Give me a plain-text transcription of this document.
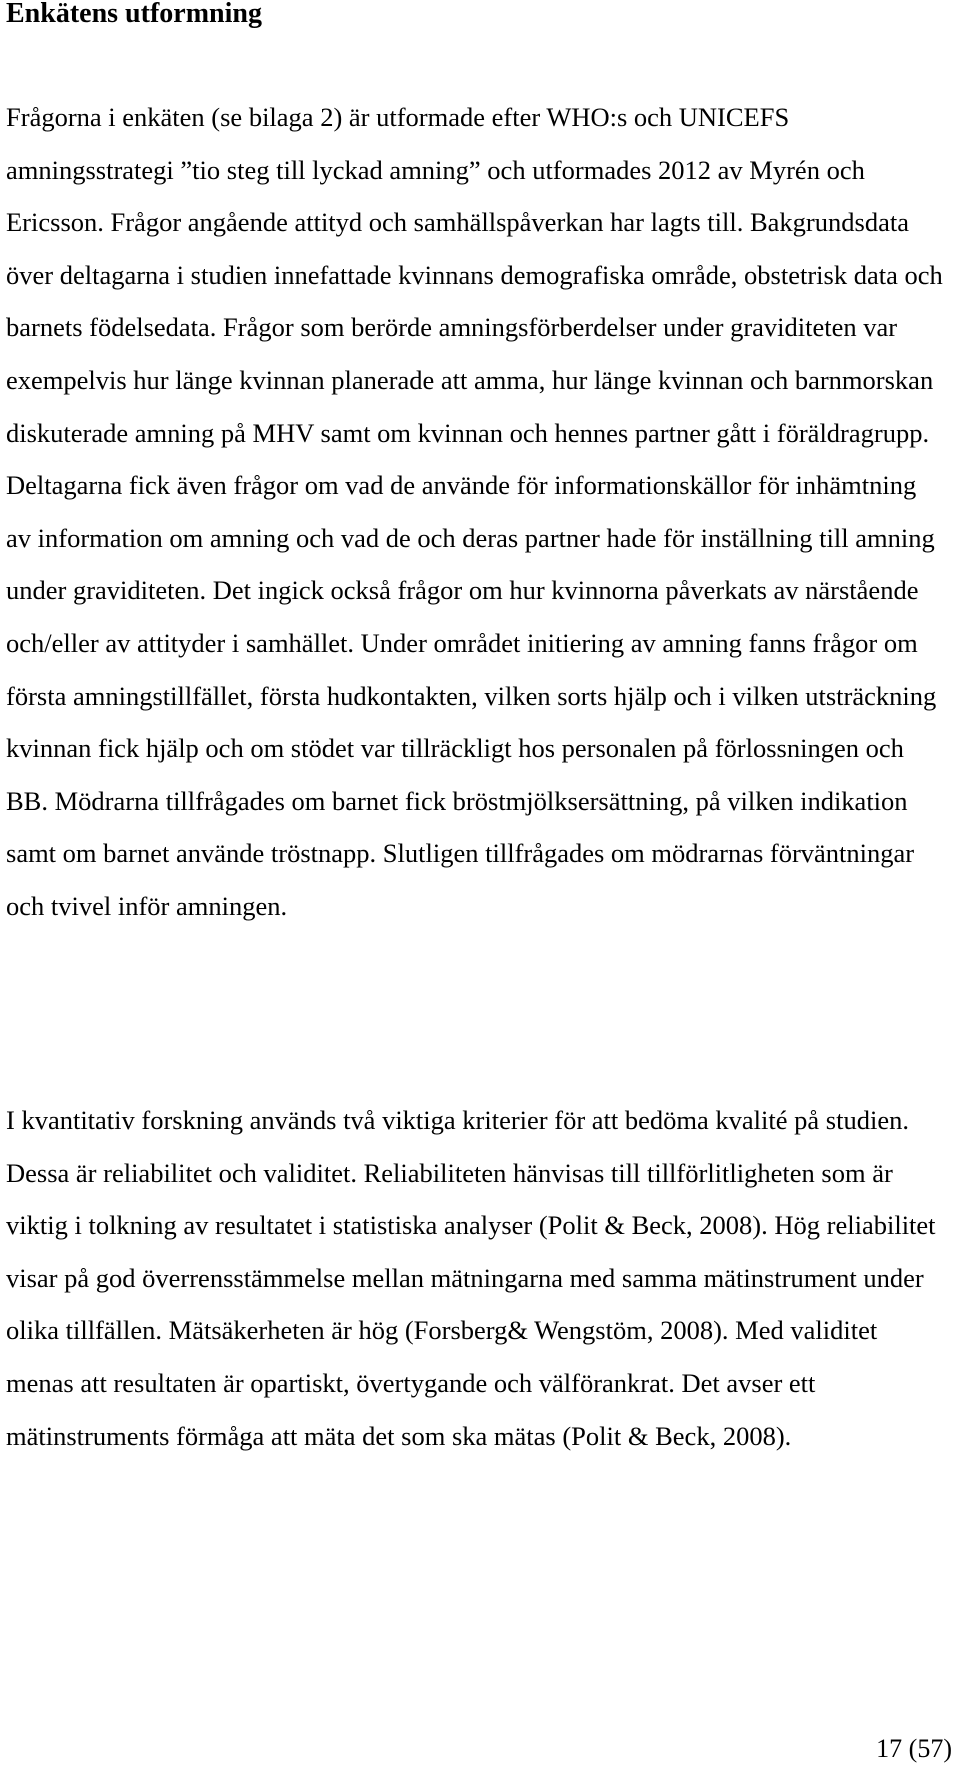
Enkätens utformning

Frågorna i enkäten (se bilaga 2) är utformade efter WHO:s och UNICEFS amningsstrategi ”tio steg till lyckad amning” och utformades 2012 av Myrén och Ericsson. Frågor angående attityd och samhällspåverkan har lagts till. Bakgrundsdata över deltagarna i studien innefattade kvinnans demografiska område, obstetrisk data och barnets födelsedata. Frågor som berörde amningsförberdelser under graviditeten var exempelvis hur länge kvinnan planerade att amma, hur länge kvinnan och barnmorskan diskuterade amning på MHV samt om kvinnan och hennes partner gått i föräldragrupp. Deltagarna fick även frågor om vad de använde för informationskällor för inhämtning av information om amning och vad de och deras partner hade för inställning till amning under graviditeten. Det ingick också frågor om hur kvinnorna påverkats av närstående och/eller av attityder i samhället. Under området initiering av amning fanns frågor om första amningstillfället, första hudkontakten, vilken sorts hjälp och i vilken utsträckning kvinnan fick hjälp och om stödet var tillräckligt hos personalen på förlossningen och BB. Mödrarna tillfrågades om barnet fick bröstmjölksersättning, på vilken indikation samt om barnet använde tröstnapp. Slutligen tillfrågades om mödrarnas förväntningar och tvivel inför amningen.

I kvantitativ forskning används två viktiga kriterier för att bedöma kvalité på studien. Dessa är reliabilitet och validitet. Reliabiliteten hänvisas till tillförlitligheten som är viktig i tolkning av resultatet i statistiska analyser (Polit & Beck, 2008). Hög reliabilitet visar på god överrensstämmelse mellan mätningarna med samma mätinstrument under olika tillfällen. Mätsäkerheten är hög (Forsberg& Wengstöm, 2008). Med validitet menas att resultaten är opartiskt, övertygande och välförankrat. Det avser ett mätinstruments förmåga att mäta det som ska mätas (Polit & Beck, 2008).

17 (57)
